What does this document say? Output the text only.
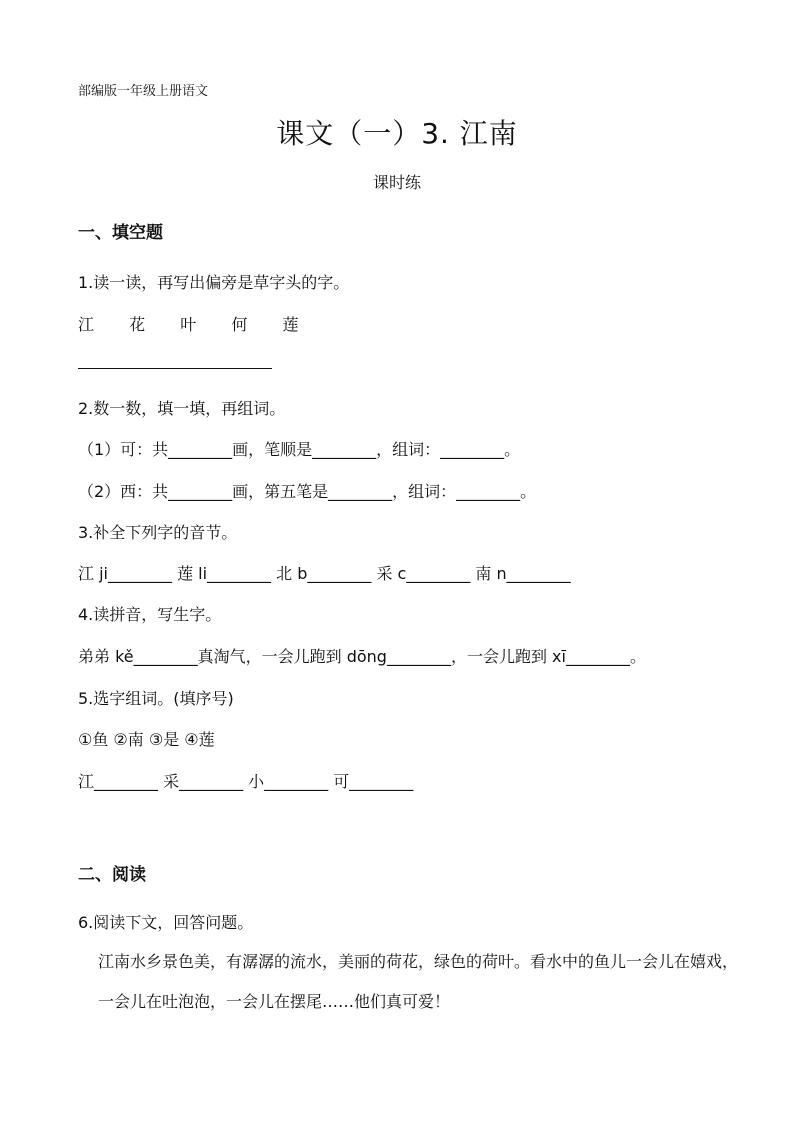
部编版一年级上册语文
课文（一）3. 江南
课时练
一、填空题
1.读一读，再写出偏旁是草字头的字。
江 花 叶 何 莲
2.数一数，填一填，再组词。
（1）可：共________画，笔顺是________，组词：________。
（2）西：共________画，第五笔是________，组词：________。
3.补全下列字的音节。
江 ji________ 莲 li________ 北 b________ 采 c________ 南 n________
4.读拼音，写生字。
弟弟 kě________真淘气，一会儿跑到 dōng________，一会儿跑到 xī________。
5.选字组词。(填序号)
①鱼 ②南 ③是 ④莲
江________ 采________ 小________ 可________
二、阅读
6.阅读下文，回答问题。
江南水乡景色美，有潺潺的流水，美丽的荷花，绿色的荷叶。看水中的鱼儿一会儿在嬉戏，一会儿在吐泡泡，一会儿在摆尾……他们真可爱！
